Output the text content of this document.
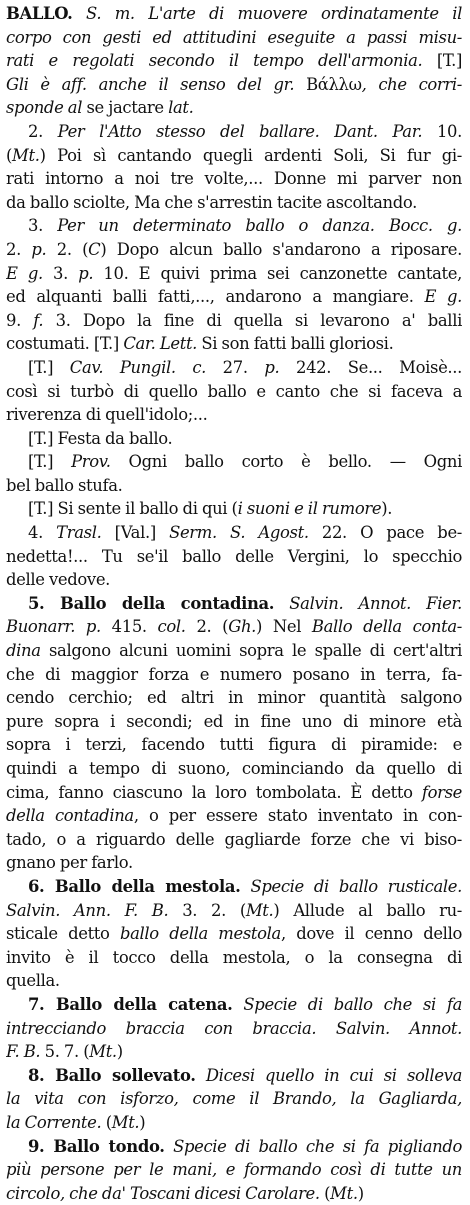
BALLO. S. m. L'arte di muovere ordinatamente il
corpo con gesti ed attitudini eseguite a passi misu-
rati e regolati secondo il tempo dell'armonia. [T.]
Gli è aff. anche il senso del gr. Βάλλω, che corri-
sponde al se jactare lat.
2. Per l'Atto stesso del ballare. Dant. Par. 10.
(Mt.) Poi sì cantando quegli ardenti Soli, Si fur gi-
rati intorno a noi tre volte,... Donne mi parver non
da ballo sciolte, Ma che s'arrestin tacite ascoltando.
3. Per un determinato ballo o danza. Bocc. g.
2. p. 2. (C) Dopo alcun ballo s'andarono a riposare.
E g. 3. p. 10. E quivi prima sei canzonette cantate,
ed alquanti balli fatti,..., andarono a mangiare. E g.
9. f. 3. Dopo la fine di quella si levarono a' balli
costumati. [T.] Car. Lett. Si son fatti balli gloriosi.
[T.] Cav. Pungil. c. 27. p. 242. Se... Moisè...
così si turbò di quello ballo e canto che si faceva a
riverenza di quell'idolo;...
[T.] Festa da ballo.
[T.] Prov. Ogni ballo corto è bello. — Ogni
bel ballo stufa.
[T.] Si sente il ballo di qui (i suoni e il rumore).
4. Trasl. [Val.] Serm. S. Agost. 22. O pace be-
nedetta!... Tu se'il ballo delle Vergini, lo specchio
delle vedove.
5. Ballo della contadina. Salvin. Annot. Fier.
Buonarr. p. 415. col. 2. (Gh.) Nel Ballo della conta-
dina salgono alcuni uomini sopra le spalle di cert'altri
che di maggior forza e numero posano in terra, fa-
cendo cerchio; ed altri in minor quantità salgono
pure sopra i secondi; ed in fine uno di minore età
sopra i terzi, facendo tutti figura di piramide: e
quindi a tempo di suono, cominciando da quello di
cima, fanno ciascuno la loro tombolata. È detto forse
della contadina, o per essere stato inventato in con-
tado, o a riguardo delle gagliarde forze che vi biso-
gnano per farlo.
6. Ballo della mestola. Specie di ballo rusticale.
Salvin. Ann. F. B. 3. 2. (Mt.) Allude al ballo ru-
sticale detto ballo della mestola, dove il cenno dello
invito è il tocco della mestola, o la consegna di
quella.
7. Ballo della catena. Specie di ballo che si fa
intrecciando braccia con braccia. Salvin. Annot.
F. B. 5. 7. (Mt.)
8. Ballo sollevato. Dicesi quello in cui si solleva
la vita con isforzo, come il Brando, la Gagliarda,
la Corrente. (Mt.)
9. Ballo tondo. Specie di ballo che si fa pigliando
più persone per le mani, e formando così di tutte un
circolo, che da' Toscani dicesi Carolare. (Mt.)
